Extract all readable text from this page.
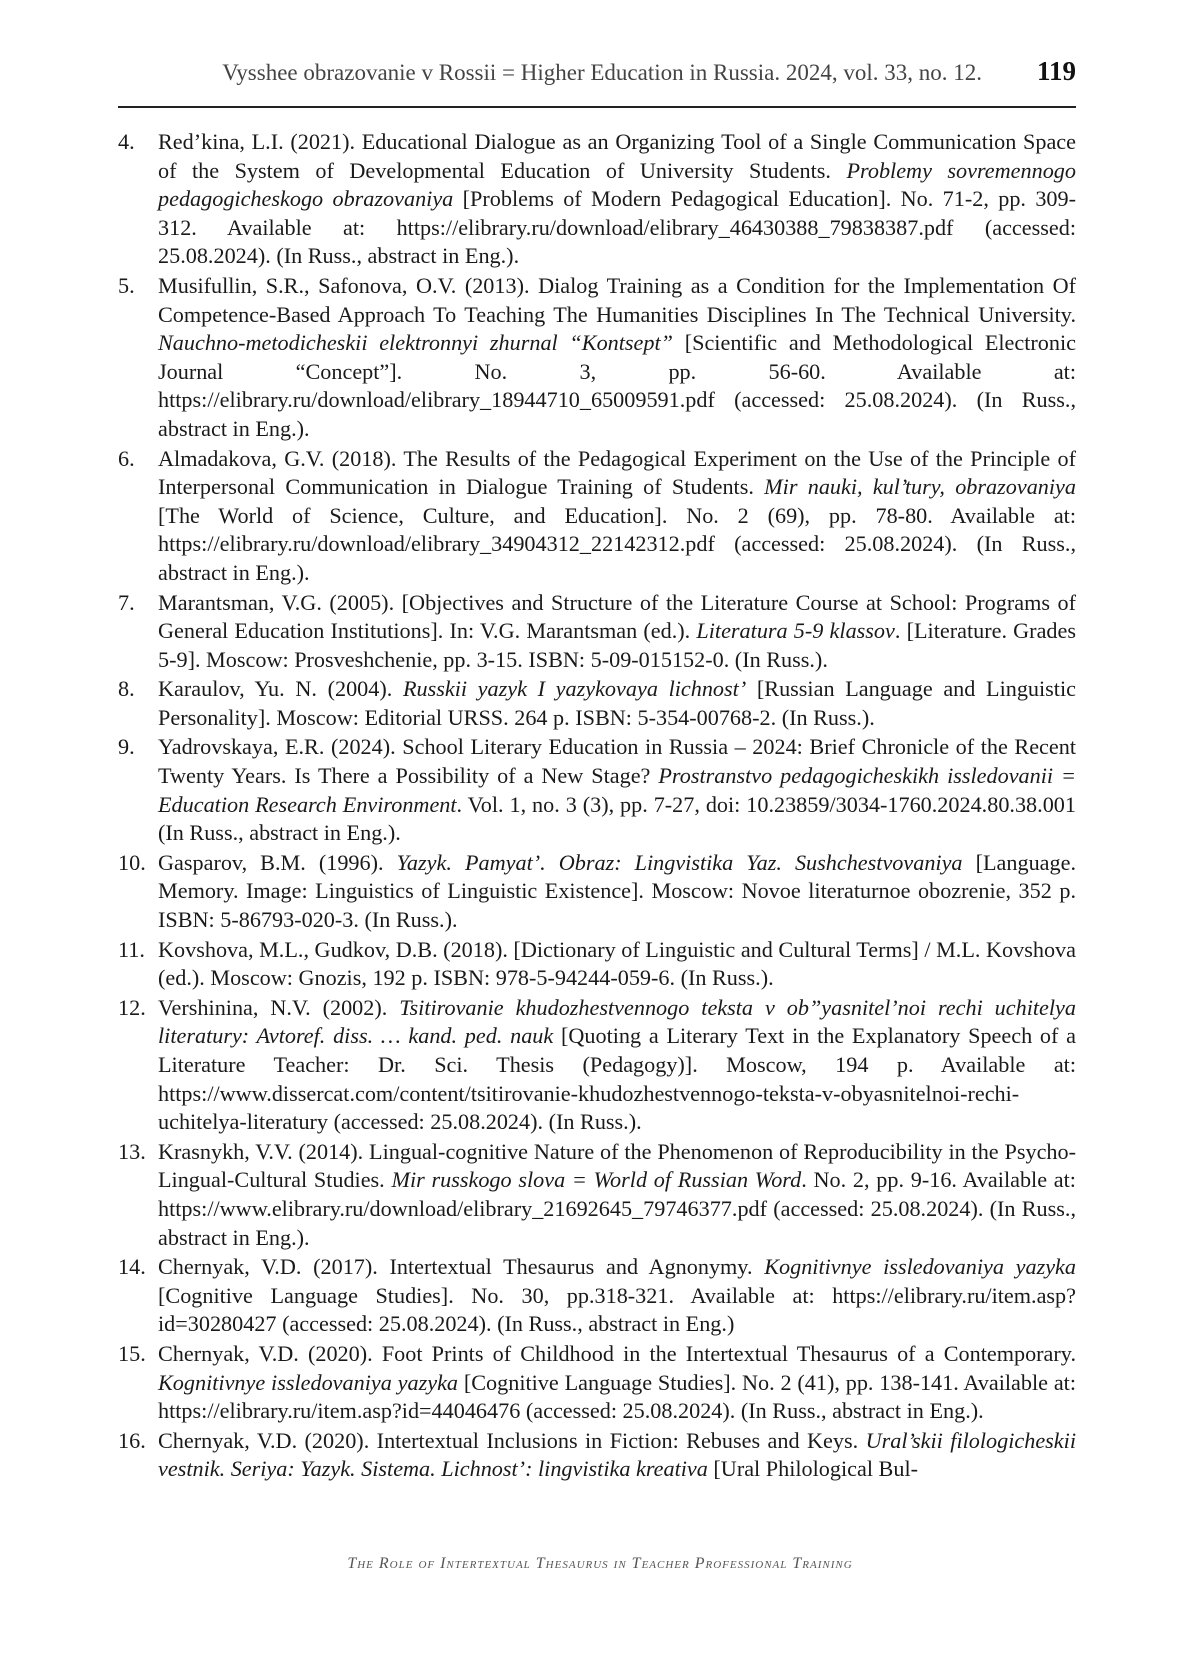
Vysshee obrazovanie v Rossii = Higher Education in Russia. 2024, vol. 33, no. 12. 119
4. Red’kina, L.I. (2021). Educational Dialogue as an Organizing Tool of a Single Communication Space of the System of Developmental Education of University Students. Problemy sovremennogo pedagogicheskogo obrazovaniya [Problems of Modern Pedagogical Education]. No. 71-2, pp. 309-312. Available at: https://elibrary.ru/download/elibrary_46430388_79838387.pdf (accessed: 25.08.2024). (In Russ., abstract in Eng.).
5. Musifullin, S.R., Safonova, O.V. (2013). Dialog Training as a Condition for the Implementation Of Competence-Based Approach To Teaching The Humanities Disciplines In The Technical University. Nauchno-metodicheskii elektronnyi zhurnal “Kontsept” [Scientific and Methodological Electronic Journal “Concept”]. No. 3, pp. 56-60. Available at: https://elibrary.ru/download/elibrary_18944710_65009591.pdf (accessed: 25.08.2024). (In Russ., abstract in Eng.).
6. Almadakova, G.V. (2018). The Results of the Pedagogical Experiment on the Use of the Principle of Interpersonal Communication in Dialogue Training of Students. Mir nauki, kul’tury, obrazovaniya [The World of Science, Culture, and Education]. No. 2 (69), pp. 78-80. Available at: https://elibrary.ru/download/elibrary_34904312_22142312.pdf (accessed: 25.08.2024). (In Russ., abstract in Eng.).
7. Marantsman, V.G. (2005). [Objectives and Structure of the Literature Course at School: Programs of General Education Institutions]. In: V.G. Marantsman (ed.). Literatura 5-9 klassov. [Literature. Grades 5-9]. Moscow: Prosveshchenie, pp. 3-15. ISBN: 5-09-015152-0. (In Russ.).
8. Karaulov, Yu. N. (2004). Russkii yazyk I yazykovaya lichnost’ [Russian Language and Linguistic Personality]. Moscow: Editorial URSS. 264 p. ISBN: 5-354-00768-2. (In Russ.).
9. Yadrovskaya, E.R. (2024). School Literary Education in Russia – 2024: Brief Chronicle of the Recent Twenty Years. Is There a Possibility of a New Stage? Prostranstvo pedagogicheskikh issledovanii = Education Research Environment. Vol. 1, no. 3 (3), pp. 7-27, doi: 10.23859/3034-1760.2024.80.38.001 (In Russ., abstract in Eng.).
10. Gasparov, B.M. (1996). Yazyk. Pamyat’. Obraz: Lingvistika Yaz. Sushchestvovaniya [Language. Memory. Image: Linguistics of Linguistic Existence]. Moscow: Novoe literaturnoe obozrenie, 352 p. ISBN: 5-86793-020-3. (In Russ.).
11. Kovshova, M.L., Gudkov, D.B. (2018). [Dictionary of Linguistic and Cultural Terms] / M.L. Kovshova (ed.). Moscow: Gnozis, 192 p. ISBN: 978-5-94244-059-6. (In Russ.).
12. Vershinina, N.V. (2002). Tsitirovanie khudozhestvennogo teksta v ob”yasnitel’noi rechi uchitelya literatury: Avtoref. diss. … kand. ped. nauk [Quoting a Literary Text in the Explanatory Speech of a Literature Teacher: Dr. Sci. Thesis (Pedagogy)]. Moscow, 194 p. Available at: https://www.dissercat.com/content/tsitirovanie-khudozhestvennogo-teksta-v-obyasnitelnoi-rechi-uchitelya-literatury (accessed: 25.08.2024). (In Russ.).
13. Krasnykh, V.V. (2014). Lingual-cognitive Nature of the Phenomenon of Reproducibility in the Psycho-Lingual-Cultural Studies. Mir russkogo slova = World of Russian Word. No. 2, pp. 9-16. Available at: https://www.elibrary.ru/download/elibrary_21692645_79746377.pdf (accessed: 25.08.2024). (In Russ., abstract in Eng.).
14. Chernyak, V.D. (2017). Intertextual Thesaurus and Agnonymy. Kognitivnye issledovaniya yazyka [Cognitive Language Studies]. No. 30, pp.318-321. Available at: https://elibrary.ru/item.asp?id=30280427 (accessed: 25.08.2024). (In Russ., abstract in Eng.)
15. Chernyak, V.D. (2020). Foot Prints of Childhood in the Intertextual Thesaurus of a Contemporary. Kognitivnye issledovaniya yazyka [Cognitive Language Studies]. No. 2 (41), pp. 138-141. Available at: https://elibrary.ru/item.asp?id=44046476 (accessed: 25.08.2024). (In Russ., abstract in Eng.).
16. Chernyak, V.D. (2020). Intertextual Inclusions in Fiction: Rebuses and Keys. Ural’skii filologicheskii vestnik. Seriya: Yazyk. Sistema. Lichnost’: lingvistika kreativa [Ural Philological Bul-
The Role of Intertextual Thesaurus in Teacher Professional Training
